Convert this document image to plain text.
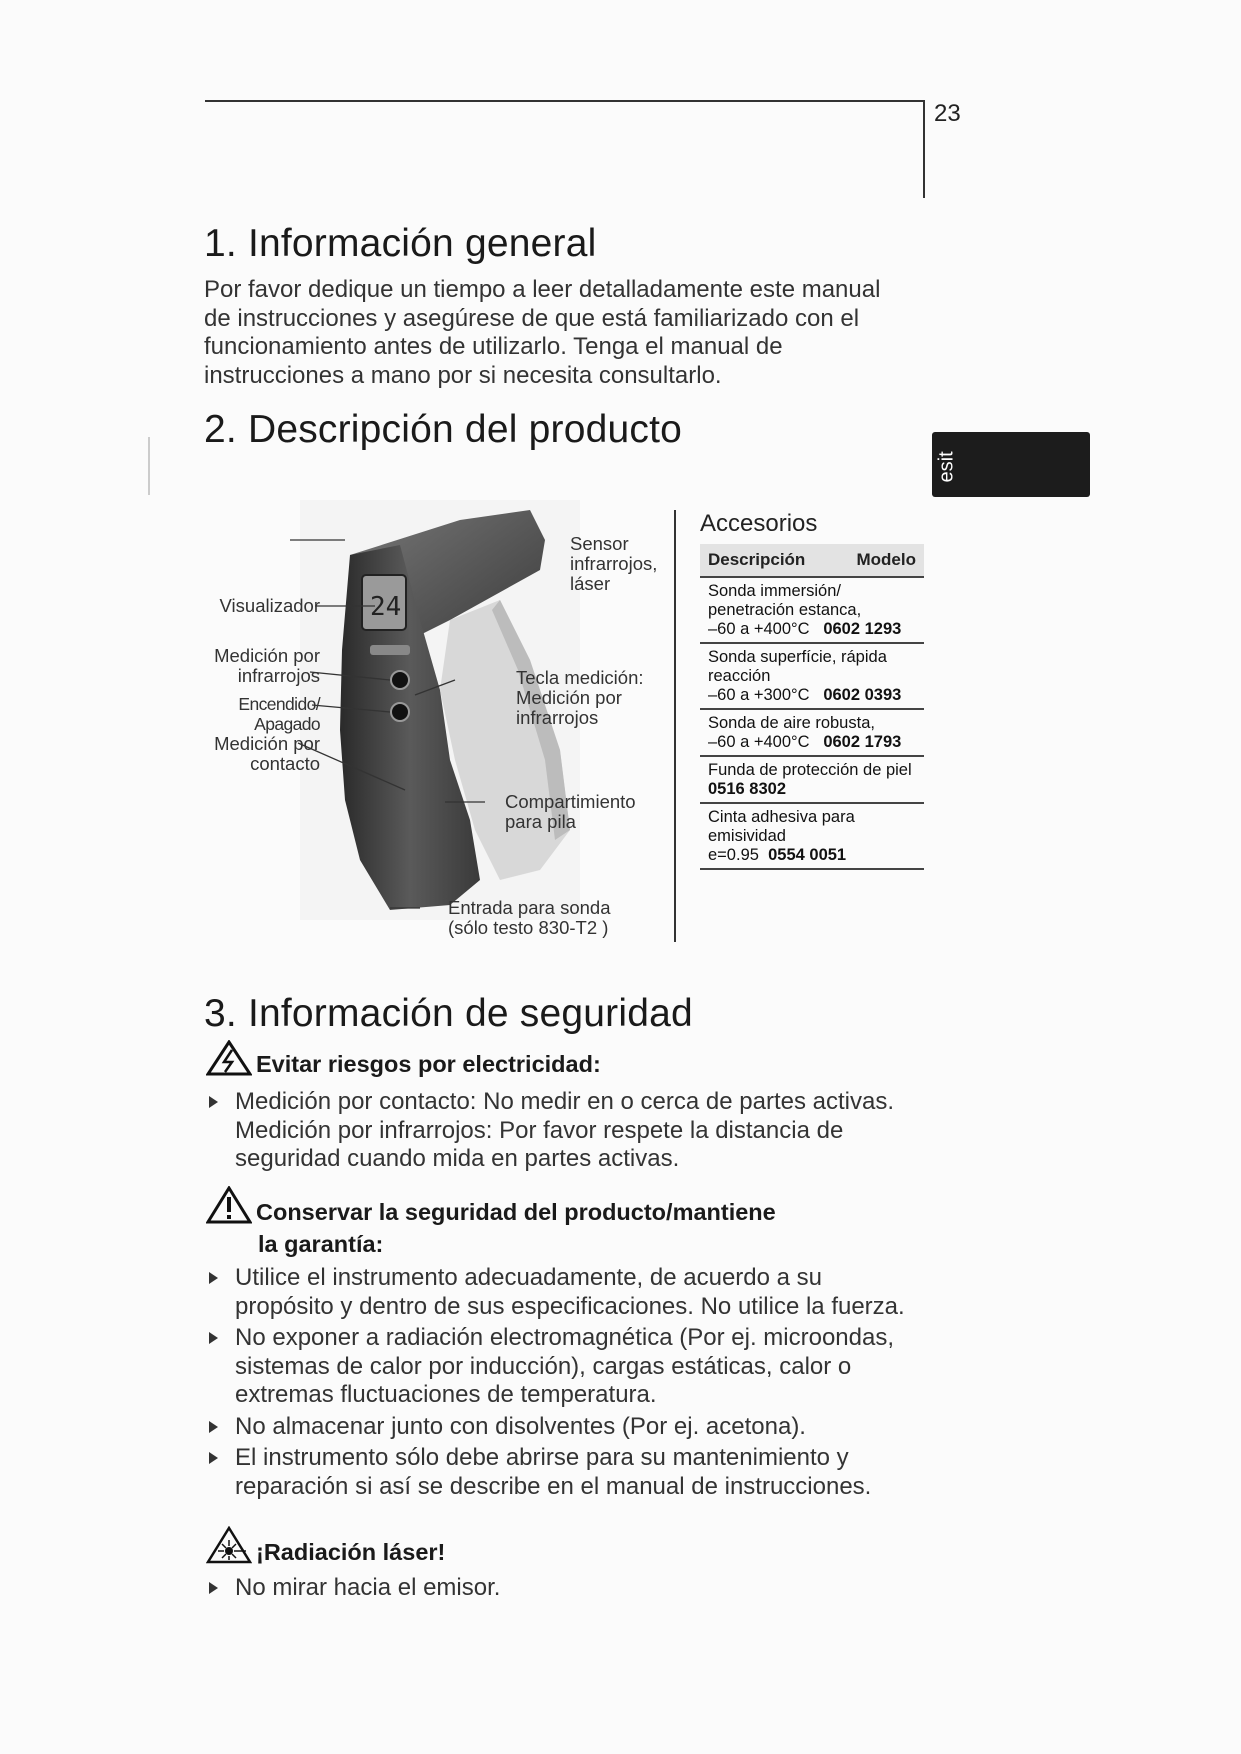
23
esit
1. Información general
Por favor dedique un tiempo a leer detalladamente este manual
de instrucciones y asegúrese de que está familiarizado con el
funcionamiento antes de utilizarlo. Tenga el manual de
instrucciones a mano por si necesita consultarlo.
2. Descripción del producto
24
Sensor
infrarrojos,
láser
Visualizador
Medición por
infrarrojos
Encendido/
Apagado
Medición por
contacto
Tecla medición:
Medición por
infrarrojos
Compartimiento
para pila
Entrada para sonda
(sólo testo 830-T2 )
Accesorios
Descripción	Modelo
Sonda immersión/
penetración estanca,
–60 a +400°C 0602 1293
Sonda superfície, rápida
reacción
–60 a +300°C 0602 0393
Sonda de aire robusta,
–60 a +400°C 0602 1793
Funda de protección de piel
0516 8302
Cinta adhesiva para
emisividad
e=0.95 0554 0051
3. Información de seguridad
Evitar riesgos por electricidad:
Medición por contacto: No medir en o cerca de partes activas.
Medición por infrarrojos: Por favor respete la distancia de
seguridad cuando mida en partes activas.
Conservar la seguridad del producto/mantiene
la garantía:
Utilice el instrumento adecuadamente, de acuerdo a su
propósito y dentro de sus especificaciones. No utilice la fuerza.
No exponer a radiación electromagnética (Por ej. microondas,
sistemas de calor por inducción), cargas estáticas, calor o
extremas fluctuaciones de temperatura.
No almacenar junto con disolventes (Por ej. acetona).
El instrumento sólo debe abrirse para su mantenimiento y
reparación si así se describe en el manual de instrucciones.
¡Radiación láser!
No mirar hacia el emisor.
